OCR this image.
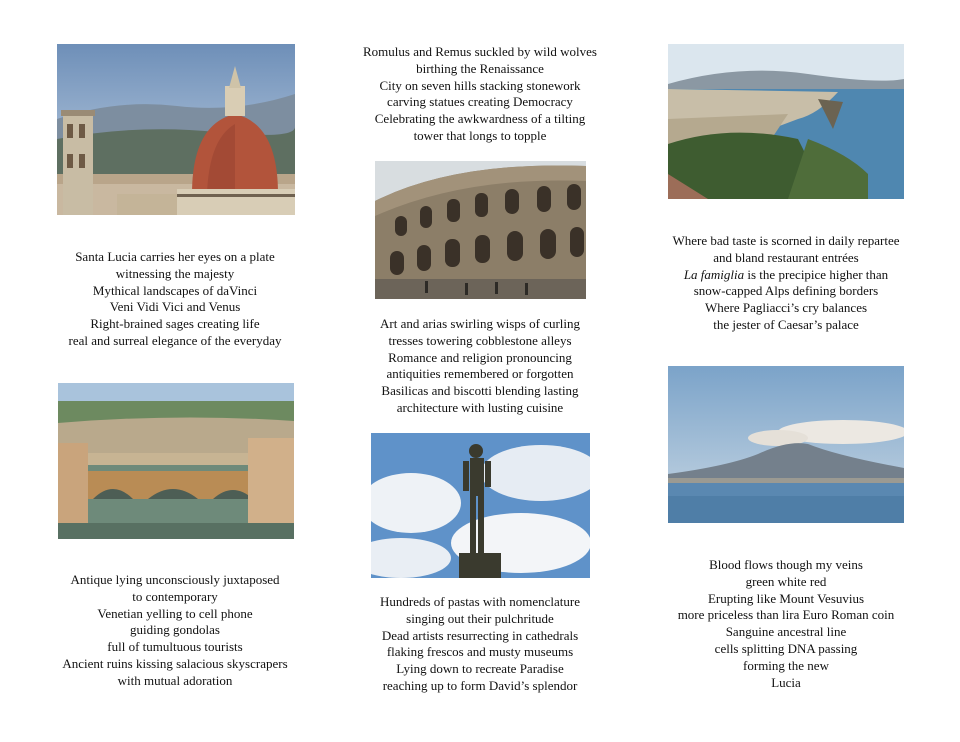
Romulus and Remus suckled by wild wolves
birthing the Renaissance
City on seven hills stacking stonework
carving statues creating Democracy
Celebrating the awkwardness of a tilting
tower that longs to topple
Santa Lucia carries her eyes on a plate
witnessing the majesty
Mythical landscapes of daVinci
Veni Vidi Vici and Venus
Right-brained sages creating life
real and surreal elegance of the everyday
Where bad taste is scorned in daily repartee
and bland restaurant entrées
La famiglia is the precipice higher than
snow-capped Alps defining borders
Where Pagliacci’s cry balances
the jester of Caesar’s palace
Art and arias swirling wisps of curling
tresses towering cobblestone alleys
Romance and religion pronouncing
antiquities remembered or forgotten
Basilicas and biscotti blending lasting
architecture with lusting cuisine
Antique lying unconsciously juxtaposed
to contemporary
Venetian yelling to cell phone
guiding gondolas
full of tumultuous tourists
Ancient ruins kissing salacious skyscrapers
with mutual adoration
Hundreds of pastas with nomenclature
singing out their pulchritude
Dead artists resurrecting in cathedrals
flaking frescos and musty museums
Lying down to recreate Paradise
reaching up to form David’s splendor
Blood flows though my veins
green white red
Erupting like Mount Vesuvius
more priceless than lira Euro Roman coin
Sanguine ancestral line
cells splitting DNA passing
forming the new
Lucia
